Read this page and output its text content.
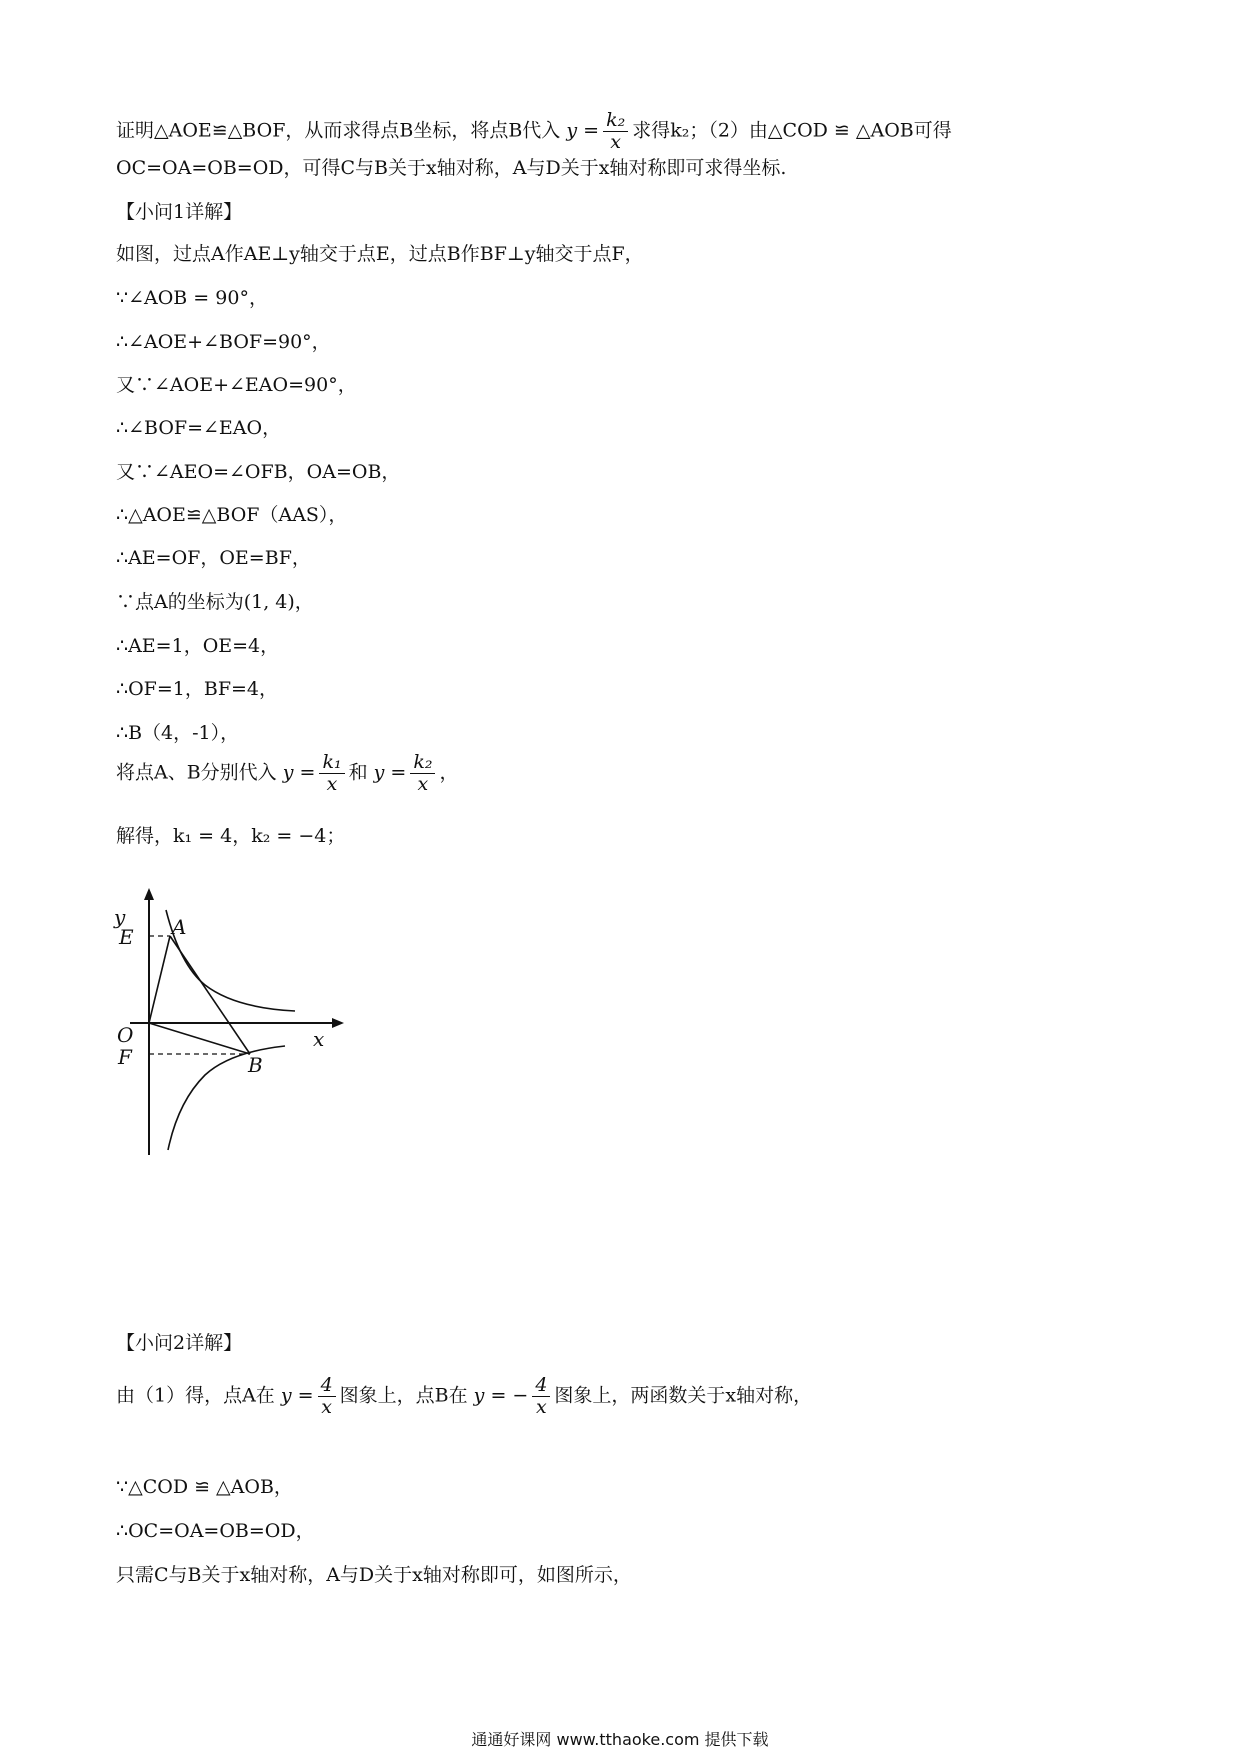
证明△AOE≌△BOF，从而求得点B坐标，将点B代入 $y = \frac{\text{k₂}}{x}$ 求得k₂；（2）由△COD ≌ △AOB可得
OC=OA=OB=OD，可得C与B关于x轴对称，A与D关于x轴对称即可求得坐标.
【小问1详解】
如图，过点A作AE⊥y轴交于点E，过点B作BF⊥y轴交于点F，
∵∠AOB = 90°，
∴∠AOE+∠BOF=90°，
又∵∠AOE+∠EAO=90°，
∴∠BOF=∠EAO，
又∵∠AEO=∠OFB，OA=OB，
∴△AOE≌△BOF（AAS），
∴AE=OF，OE=BF，
∵点A的坐标为(1, 4)，
∴AE=1，OE=4，
∴OF=1，BF=4，
∴B（4，-1），
将点A、B分别代入 $y = \frac{\text{k₁}}{x}$ 和 $y = \frac{\text{k₂}}{x}$ ，
解得，k₁ = 4，k₂ = −4；
y
x
E A
O
F	B
【小问2详解】
由（1）得，点A在 $y = \frac{4}{x}$ 图象上，点B在 y = − $\frac{4}{x}$ 图象上，两函数关于x轴对称，
∵△COD ≌ △AOB，
∴OC=OA=OB=OD，
只需C与B关于x轴对称，A与D关于x轴对称即可，如图所示，
通通好课网 www.tthaoke.com 提供下载
